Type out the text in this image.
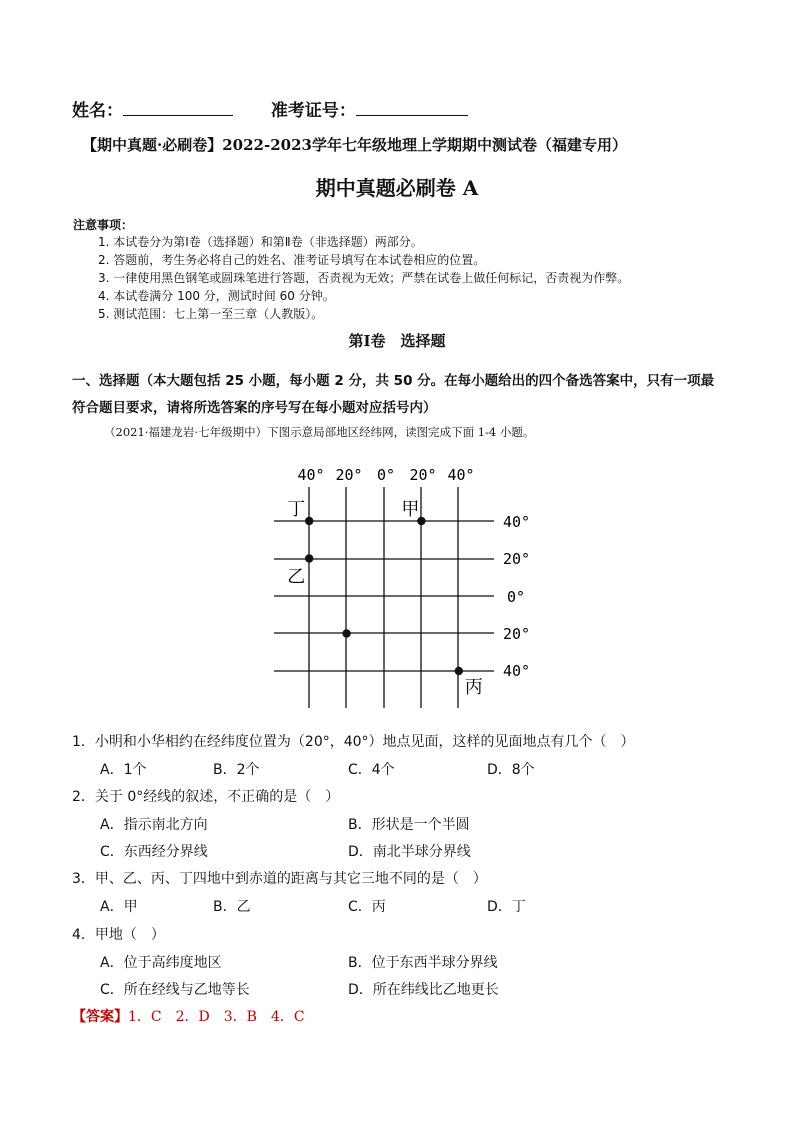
姓名：	准考证号：
【期中真题·必刷卷】2022-2023学年七年级地理上学期期中测试卷（福建专用）
期中真题必刷卷 A
注意事项：
1. 本试卷分为第Ⅰ卷（选择题）和第Ⅱ卷（非选择题）两部分。
2. 答题前，考生务必将自己的姓名、准考证号填写在本试卷相应的位置。
3. 一律使用黑色钢笔或圆珠笔进行答题，否责视为无效；严禁在试卷上做任何标记，否责视为作弊。
4. 本试卷满分 100 分，测试时间 60 分钟。
5. 测试范围：七上第一至三章（人教版）。
第Ⅰ卷　选择题
一、选择题（本大题包括 25 小题，每小题 2 分，共 50 分。在每小题给出的四个备选答案中，只有一项最
符合题目要求，请将所选答案的序号写在每小题对应括号内）
（2021·福建龙岩·七年级期中）下图示意局部地区经纬网，读图完成下面 1-4 小题。
40° 20° 0° 20° 40°
40°
20°
0°
20°
40°
丁	甲
乙
丙
1．小明和小华相约在经纬度位置为（20°，40°）地点见面，这样的见面地点有几个（　）
A．1个	B．2个	C．4个	D．8个
2．关于 0°经线的叙述，不正确的是（　）
A．指示南北方向	B．形状是一个半圆
C．东西经分界线	D．南北半球分界线
3．甲、乙、丙、丁四地中到赤道的距离与其它三地不同的是（　）
A．甲	B．乙	C．丙	D．丁
4．甲地（　）
A．位于高纬度地区	B．位于东西半球分界线
C．所在经线与乙地等长	D．所在纬线比乙地更长
【答案】1．C　2．D　3．B　4．C
